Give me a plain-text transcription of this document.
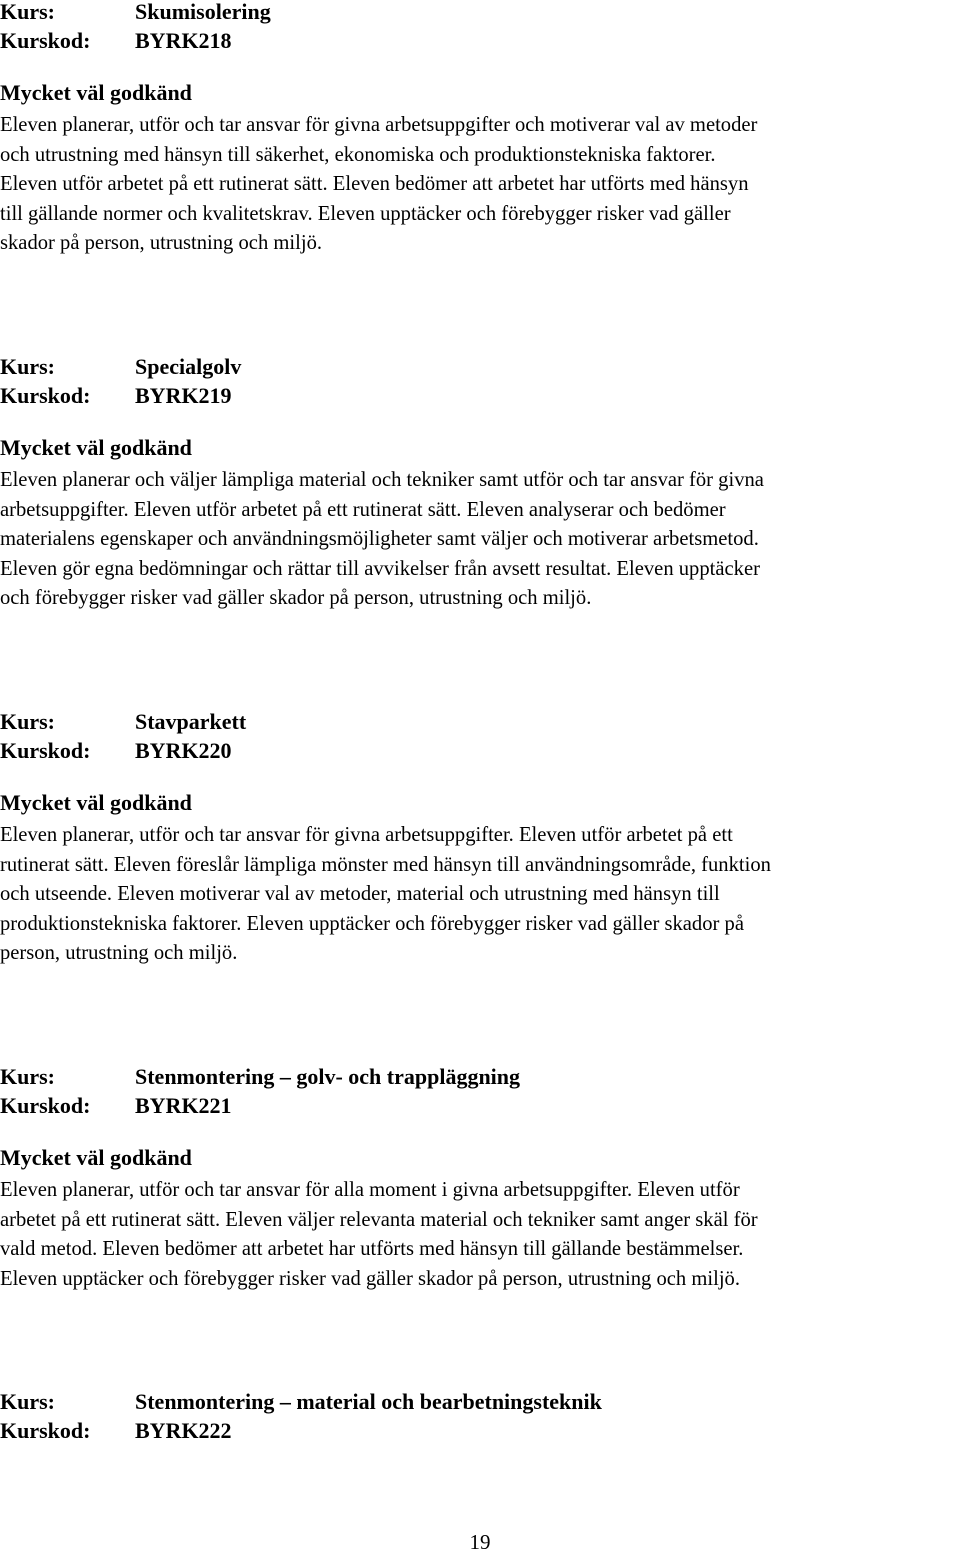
Kurs:	Skumisolering
Kurskod: BYRK218
Mycket väl godkänd
Eleven planerar, utför och tar ansvar för givna arbetsuppgifter och motiverar val av metoder
och utrustning med hänsyn till säkerhet, ekonomiska och produktionstekniska faktorer.
Eleven utför arbetet på ett rutinerat sätt. Eleven bedömer att arbetet har utförts med hänsyn
till gällande normer och kvalitetskrav. Eleven upptäcker och förebygger risker vad gäller
skador på person, utrustning och miljö.
Kurs:	Specialgolv
Kurskod: BYRK219
Mycket väl godkänd
Eleven planerar och väljer lämpliga material och tekniker samt utför och tar ansvar för givna
arbetsuppgifter. Eleven utför arbetet på ett rutinerat sätt. Eleven analyserar och bedömer
materialens egenskaper och användningsmöjligheter samt väljer och motiverar arbetsmetod.
Eleven gör egna bedömningar och rättar till avvikelser från avsett resultat. Eleven upptäcker
och förebygger risker vad gäller skador på person, utrustning och miljö.
Kurs:	Stavparkett
Kurskod: BYRK220
Mycket väl godkänd
Eleven planerar, utför och tar ansvar för givna arbetsuppgifter. Eleven utför arbetet på ett
rutinerat sätt. Eleven föreslår lämpliga mönster med hänsyn till användningsområde, funktion
och utseende. Eleven motiverar val av metoder, material och utrustning med hänsyn till
produktionstekniska faktorer. Eleven upptäcker och förebygger risker vad gäller skador på
person, utrustning och miljö.
Kurs:	Stenmontering – golv- och trappläggning
Kurskod: BYRK221
Mycket väl godkänd
Eleven planerar, utför och tar ansvar för alla moment i givna arbetsuppgifter. Eleven utför
arbetet på ett rutinerat sätt. Eleven väljer relevanta material och tekniker samt anger skäl för
vald metod. Eleven bedömer att arbetet har utförts med hänsyn till gällande bestämmelser.
Eleven upptäcker och förebygger risker vad gäller skador på person, utrustning och miljö.
Kurs:	Stenmontering – material och bearbetningsteknik
Kurskod: BYRK222
19
